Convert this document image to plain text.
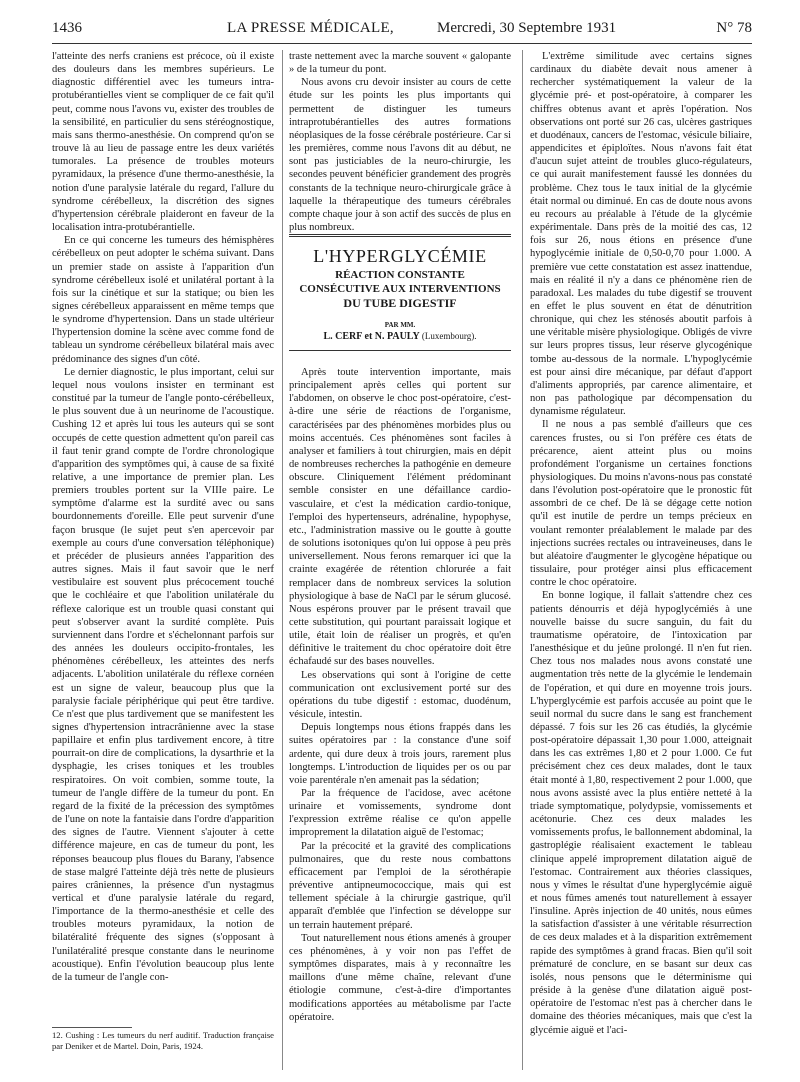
1436	LA PRESSE MÉDICALE,	Mercredi, 30 Septembre 1931	N° 78

l'atteinte des nerfs craniens est précoce, où il existe des douleurs dans les membres supérieurs. Le diagnostic différentiel avec les tumeurs intra-protubérantielles vient se compliquer de ce fait qu'il peut, comme nous l'avons vu, exister des troubles de la sensibilité, en particulier du sens stéréognostique, mais sans thermo-anesthésie. On comprend qu'on se trouve là au lieu de passage entre les deux variétés tumorales. La présence de troubles moteurs pyramidaux, la présence d'une thermo-anesthésie, la notion d'une paralysie latérale du regard, l'allure du syndrome cérébelleux, la discrétion des signes d'hypertension cérébrale plaideront en faveur de la localisation intra-protubérantielle.

En ce qui concerne les tumeurs des hémisphères cérébelleux on peut adopter le schéma suivant. Dans un premier stade on assiste à l'apparition d'un syndrome cérébelleux isolé et unilatéral portant à la fois sur la cinétique et sur la statique; ou bien les signes cérébelleux apparaissent en même temps que le syndrome d'hypertension. Dans un stade ultérieur l'hypertension domine la scène avec comme fond de tableau un syndrome cérébelleux bilatéral mais avec prédominance des signes d'un côté.

Le dernier diagnostic, le plus important, celui sur lequel nous voulons insister en terminant est constitué par la tumeur de l'angle ponto-cérébelleux, le plus souvent due à un neurinome de l'acoustique. Cushing 12 et après lui tous les auteurs qui se sont occupés de cette question admettent qu'on pareil cas il faut tenir grand compte de l'ordre chronologique d'apparition des symptômes qui, à cause de sa fixité relative, a une importance de premier plan. Les premiers troubles portent sur la VIIIe paire. Le symptôme d'alarme est la surdité avec ou sans bourdonnements d'oreille. Elle peut survenir d'une façon brusque (le sujet peut s'en apercevoir par exemple au cours d'une conversation téléphonique) et précéder de plusieurs années l'apparition des autres signes. Mais il faut savoir que le nerf vestibulaire est souvent plus précocement touché que le cochléaire et que l'abolition unilatérale du réflexe calorique est un trouble quasi constant qui peut s'observer avant la surdité complète. Puis surviennent dans l'ordre et s'échelonnant parfois sur des années les douleurs occipito-frontales, les phénomènes cérébelleux, les atteintes des nerfs adjacents. L'abolition unilatérale du réflexe cornéen est un signe de valeur, beaucoup plus que la paralysie faciale périphérique qui peut être tardive. Ce n'est que plus tardivement que se manifestent les signes d'hypertension intracrânienne avec la stase papillaire et enfin plus tardivement encore, à titre pourrait-on dire de complications, la dysarthrie et la dysphagie, les crises toniques et les troubles respiratoires. On voit combien, somme toute, la tumeur de l'angle diffère de la tumeur du pont. En regard de la fixité de la précession des symptômes de l'une on note la fantaisie dans l'ordre d'apparition des signes de l'autre. Viennent s'ajouter à cette différence majeure, en cas de tumeur du pont, les réponses beaucoup plus floues du Barany, l'absence de stase malgré l'atteinte déjà très nette de plusieurs paires crâniennes, la présence d'un nystagmus vertical et d'une paralysie latérale du regard, l'importance de la thermo-anesthésie et celle des troubles moteurs pyramidaux, la notion de bilatéralité fréquente des signes (s'opposant à l'unilatéralité presque constante dans le neurinome acoustique). Enfin l'évolution beaucoup plus lente de la tumeur de l'angle con-

12. Cushing : Les tumeurs du nerf auditif. Traduction française par Deniker et de Martel. Doin, Paris, 1924.

traste nettement avec la marche souvent « galopante » de la tumeur du pont.

Nous avons cru devoir insister au cours de cette étude sur les points les plus importants qui permettent de distinguer les tumeurs intraprotubérantielles des autres formations néoplasiques de la fosse cérébrale postérieure. Car si les premières, comme nous l'avons dit au début, ne sont pas justiciables de la neuro-chirurgie, les secondes peuvent bénéficier grandement des progrès constants de la technique neuro-chirurgicale grâce à laquelle la thérapeutique des tumeurs cérébrales compte chaque jour à son actif des succès de plus en plus nombreux.

L'HYPERGLYCÉMIE
RÉACTION CONSTANTE
CONSÉCUTIVE AUX INTERVENTIONS
DU TUBE DIGESTIF
PAR MM.
L. CERF et N. PAULY (Luxembourg).

Après toute intervention importante, mais principalement après celles qui portent sur l'abdomen, on observe le choc post-opératoire, c'est-à-dire une série de réactions de l'organisme, caractérisées par des phénomènes morbides plus ou moins accentués. Ces phénomènes sont faciles à analyser et familiers à tout chirurgien, mais en dépit de nombreuses recherches la pathogénie en demeure obscure. Cliniquement l'élément prédominant semble consister en une défaillance cardio-vasculaire, et c'est la médication cardio-tonique, l'emploi des hypertenseurs, adrénaline, hypophyse, etc., l'administration massive ou le goutte à goutte de solutions isotoniques qu'on lui oppose à peu près universellement. Nous ferons remarquer ici que la crainte exagérée de rétention chlorurée a fait remplacer dans de nombreux services la solution physiologique à base de NaCl par le sérum glucosé. Nous espérons prouver par le présent travail que cette substitution, qui pourtant paraissait logique et utile, était loin de réaliser un progrès, et qu'en définitive le traitement du choc opératoire doit être échafaudé sur des bases nouvelles.

Les observations qui sont à l'origine de cette communication ont exclusivement porté sur des opérations du tube digestif : estomac, duodénum, vésicule, intestin.

Depuis longtemps nous étions frappés dans les suites opératoires par : la constance d'une soif ardente, qui dure deux à trois jours, rarement plus longtemps. L'introduction de liquides per os ou par voie parentérale n'en amenait pas la sédation;

Par la fréquence de l'acidose, avec acétone urinaire et vomissements, syndrome dont l'expression extrême réalise ce qu'on appelle improprement la dilatation aiguë de l'estomac;

Par la précocité et la gravité des complications pulmonaires, que du reste nous combattons efficacement par l'emploi de la sérothérapie préventive antipneumococcique, mais qui est tellement spéciale à la chirurgie gastrique, qu'il apparaît d'emblée que l'infection se développe sur un terrain hautement préparé.

Tout naturellement nous étions amenés à grouper ces phénomènes, à y voir non pas l'effet de symptômes disparates, mais à y reconnaître les maillons d'une même chaîne, relevant d'une étiologie commune, c'est-à-dire d'importantes modifications apportées au métabolisme par l'acte opératoire.

L'extrême similitude avec certains signes cardinaux du diabète devait nous amener à rechercher systématiquement la valeur de la glycémie pré- et post-opératoire, à comparer les chiffres obtenus avant et après l'opération. Nos observations ont porté sur 26 cas, ulcères gastriques et duodénaux, cancers de l'estomac, vésicule biliaire, appendicites et épiploïtes. Nous n'avons fait état d'aucun sujet atteint de troubles gluco-régulateurs, ce qui aurait manifestement faussé les données du problème. Chez tous le taux initial de la glycémie était normal ou diminué. En cas de doute nous avons eu recours au préalable à l'étude de la glycémie expérimentale. Dans près de la moitié des cas, 12 fois sur 26, nous étions en présence d'une hypoglycémie initiale de 0,50-0,70 pour 1.000. A première vue cette constatation est assez inattendue, mais en réalité il n'y a dans ce phénomène rien de paradoxal. Les malades du tube digestif se trouvent en effet le plus souvent en état de dénutrition chronique, qui chez les sténosés aboutit parfois à une véritable misère physiologique. Obligés de vivre sur leurs propres tissus, leur réserve glycogénique tombe au-dessous de la normale. L'hypoglycémie est pour ainsi dire mécanique, par défaut d'apport d'aliments appropriés, par carence alimentaire, et non pas pathologique par décompensation du dynamisme régulateur.

Il ne nous a pas semblé d'ailleurs que ces carences frustes, ou si l'on préfère ces états de précarence, aient atteint plus ou moins profondément l'organisme un certaines fonctions physiologiques. Du moins n'avons-nous pas constaté dans l'évolution post-opératoire que le pronostic fût assombri de ce chef. De là se dégage cette notion qu'il est inutile de perdre un temps précieux en voulant remonter préalablement le malade par des injections sucrées rectales ou intraveineuses, dans le but aléatoire d'augmenter le glycogène hépatique ou tissulaire, pour protéger ainsi plus efficacement contre le choc opératoire.

En bonne logique, il fallait s'attendre chez ces patients dénourris et déjà hypoglycémiés à une nouvelle baisse du sucre sanguin, du fait du traumatisme opératoire, de l'intoxication par l'anesthésique et du jeûne prolongé. Il n'en fut rien. Chez tous nos malades nous avons constaté une augmentation très nette de la glycémie le lendemain de l'opération, et qui dure en moyenne trois jours. L'hyperglycémie est parfois accusée au point que le seuil normal du sucre dans le sang est franchement dépassé. 7 fois sur les 26 cas étudiés, la glycémie post-opératoire dépassait 1,30 pour 1.000, atteignait dans les cas extrêmes 1,80 et 2 pour 1.000. Ce fut précisément chez ces deux malades, dont le taux était monté à 1,80, respectivement 2 pour 1.000, que nous avons assisté avec la plus entière netteté à la triade symptomatique, polydypsie, vomissements et acétonurie. Chez ces deux malades les vomissements profus, le ballonnement abdominal, la gastroplégie réalisaient exactement le tableau clinique appelé improprement dilatation aiguë de l'estomac. Contrairement aux théories classiques, nous y vîmes le résultat d'une hyperglycémie aiguë et nous fûmes amenés tout naturellement à essayer l'insuline. Après injection de 40 unités, nous eûmes la satisfaction d'assister à une véritable résurrection de ces deux malades et à la disparition extrêmement rapide des symptômes à grand fracas. Bien qu'il soit prématuré de conclure, en se basant sur deux cas isolés, nous pensons que le déterminisme qui préside à la genèse d'une dilatation aiguë post-opératoire de l'estomac n'est pas à chercher dans le domaine des théories mécaniques, mais que c'est la glycémie aiguë et l'aci-
